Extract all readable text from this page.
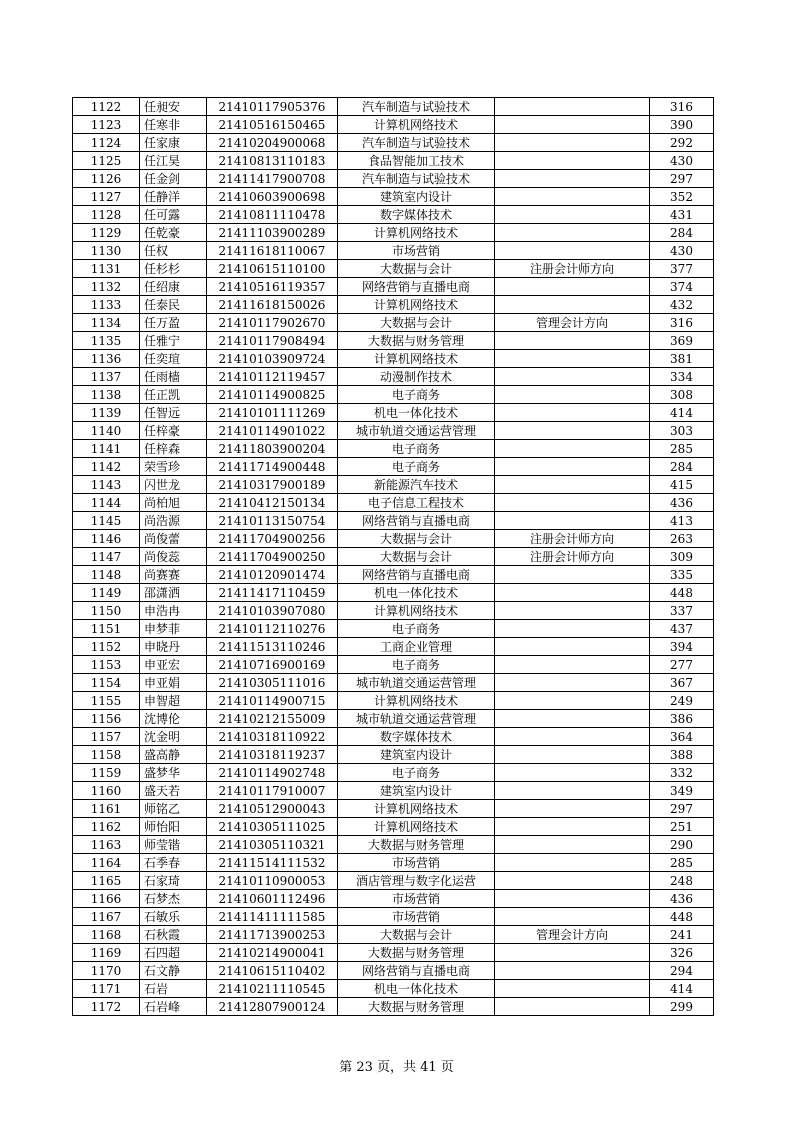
1122	任昶安	21410117905376	汽车制造与试验技术		316
1123	任寒非	21410516150465	计算机网络技术		390
1124	任家康	21410204900068	汽车制造与试验技术		292
1125	任江昊	21410813110183	食品智能加工技术		430
1126	任金剑	21411417900708	汽车制造与试验技术		297
1127	任静洋	21410603900698	建筑室内设计		352
1128	任可露	21410811110478	数字媒体技术		431
1129	任乾豪	21411103900289	计算机网络技术		284
1130	任权	21411618110067	市场营销		430
1131	任杉杉	21410615110100	大数据与会计	注册会计师方向	377
1132	任绍康	21410516119357	网络营销与直播电商		374
1133	任泰民	21411618150026	计算机网络技术		432
1134	任万盈	21410117902670	大数据与会计	管理会计方向	316
1135	任雅宁	21410117908494	大数据与财务管理		369
1136	任奕瑄	21410103909724	计算机网络技术		381
1137	任雨樯	21410112119457	动漫制作技术		334
1138	任正凯	21410114900825	电子商务		308
1139	任智远	21410101111269	机电一体化技术		414
1140	任梓豪	21410114901022	城市轨道交通运营管理		303
1141	任梓森	21411803900204	电子商务		285
1142	荣雪珍	21411714900448	电子商务		284
1143	闪世龙	21410317900189	新能源汽车技术		415
1144	尚柏旭	21410412150134	电子信息工程技术		436
1145	尚浩源	21410113150754	网络营销与直播电商		413
1146	尚俊蕾	21411704900256	大数据与会计	注册会计师方向	263
1147	尚俊蕊	21411704900250	大数据与会计	注册会计师方向	309
1148	尚赛赛	21410120901474	网络营销与直播电商		335
1149	邵潇洒	21411417110459	机电一体化技术		448
1150	申浩冉	21410103907080	计算机网络技术		337
1151	申梦菲	21410112110276	电子商务		437
1152	申晓丹	21411513110246	工商企业管理		394
1153	申亚宏	21410716900169	电子商务		277
1154	申亚娟	21410305111016	城市轨道交通运营管理		367
1155	申智超	21410114900715	计算机网络技术		249
1156	沈博伦	21410212155009	城市轨道交通运营管理		386
1157	沈金明	21410318110922	数字媒体技术		364
1158	盛高静	21410318119237	建筑室内设计		388
1159	盛梦华	21410114902748	电子商务		332
1160	盛天若	21410117910007	建筑室内设计		349
1161	师铭乙	21410512900043	计算机网络技术		297
1162	师怡阳	21410305111025	计算机网络技术		251
1163	师莹锴	21410305110321	大数据与财务管理		290
1164	石季春	21411514111532	市场营销		285
1165	石家琦	21410110900053	酒店管理与数字化运营		248
1166	石梦杰	21410601112496	市场营销		436
1167	石敏乐	21411411111585	市场营销		448
1168	石秋霞	21411713900253	大数据与会计	管理会计方向	241
1169	石四超	21410214900041	大数据与财务管理		326
1170	石文静	21410615110402	网络营销与直播电商		294
1171	石岩	21410211110545	机电一体化技术		414
1172	石岩峰	21412807900124	大数据与财务管理		299
第 23 页，共 41 页
